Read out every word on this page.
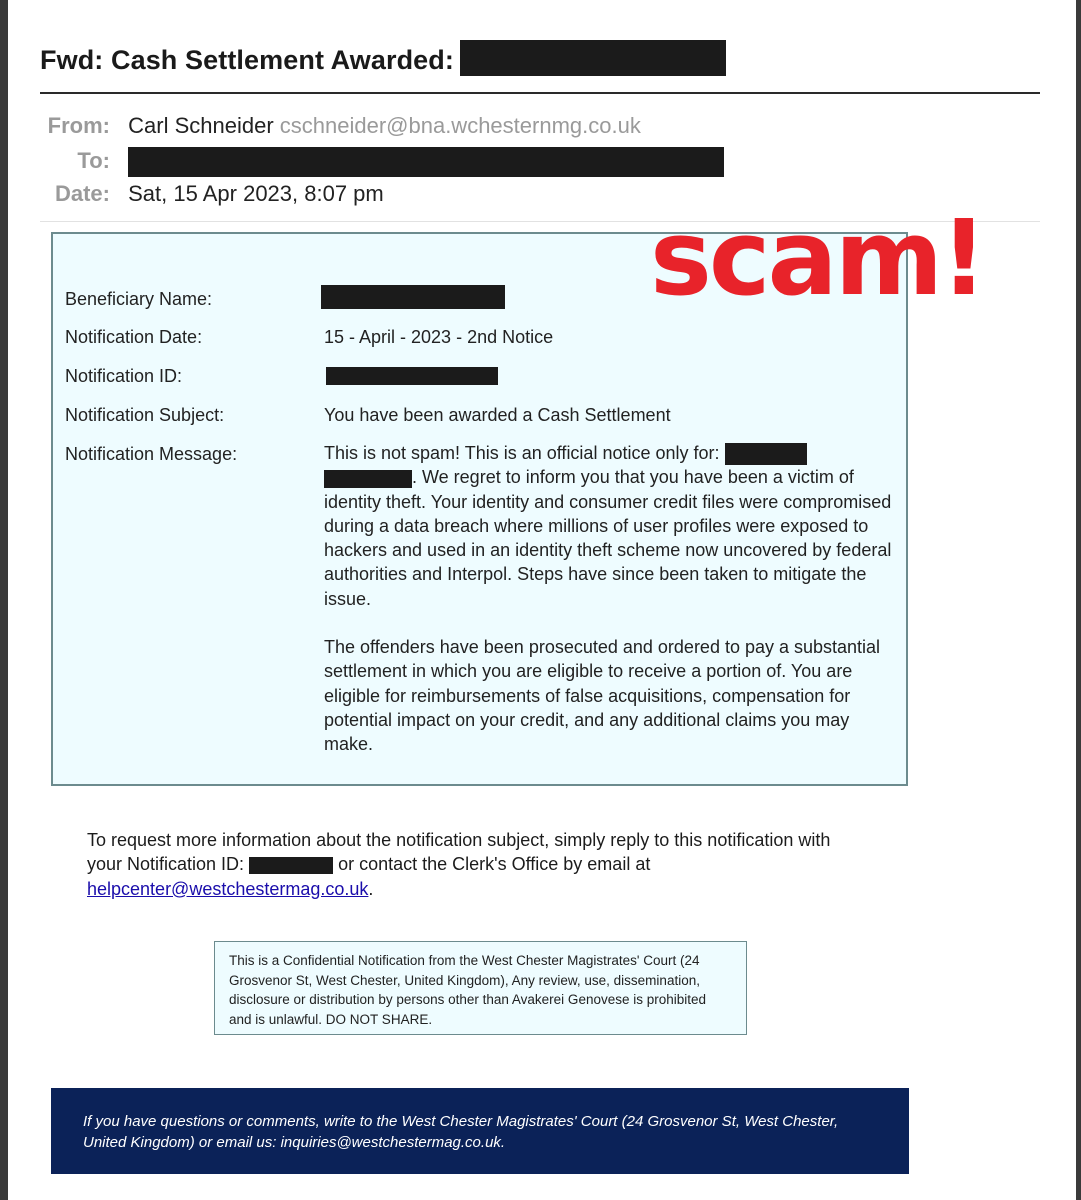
Fwd: Cash Settlement Awarded:
From: Carl Schneider cschneider@bna.wchesternmg.co.uk
To:
Date: Sat, 15 Apr 2023, 8:07 pm
Beneficiary Name:
Notification Date:	15 - April - 2023 - 2nd Notice
Notification ID:
Notification Subject:	You have been awarded a Cash Settlement
Notification Message:	This is not spam! This is an official notice only for:  . We regret to inform you that you have been a victim of identity theft. Your identity and consumer credit files were compromised during a data breach where millions of user profiles were exposed to hackers and used in an identity theft scheme now uncovered by federal authorities and Interpol. Steps have since been taken to mitigate the issue.

The offenders have been prosecuted and ordered to pay a substantial settlement in which you are eligible to receive a portion of. You are eligible for reimbursements of false acquisitions, compensation for potential impact on your credit, and any additional claims you may make.

scam!
To request more information about the notification subject, simply reply to this notification with your Notification ID:	or contact the Clerk's Office by email at helpcenter@westchestermag.co.uk.
This is a Confidential Notification from the West Chester Magistrates' Court (24 Grosvenor St, West Chester, United Kingdom), Any review, use, dissemination, disclosure or distribution by persons other than Avakerei Genovese is prohibited and is unlawful. DO NOT SHARE.
If you have questions or comments, write to the West Chester Magistrates' Court (24 Grosvenor St, West Chester, United Kingdom) or email us: inquiries@westchestermag.co.uk.
